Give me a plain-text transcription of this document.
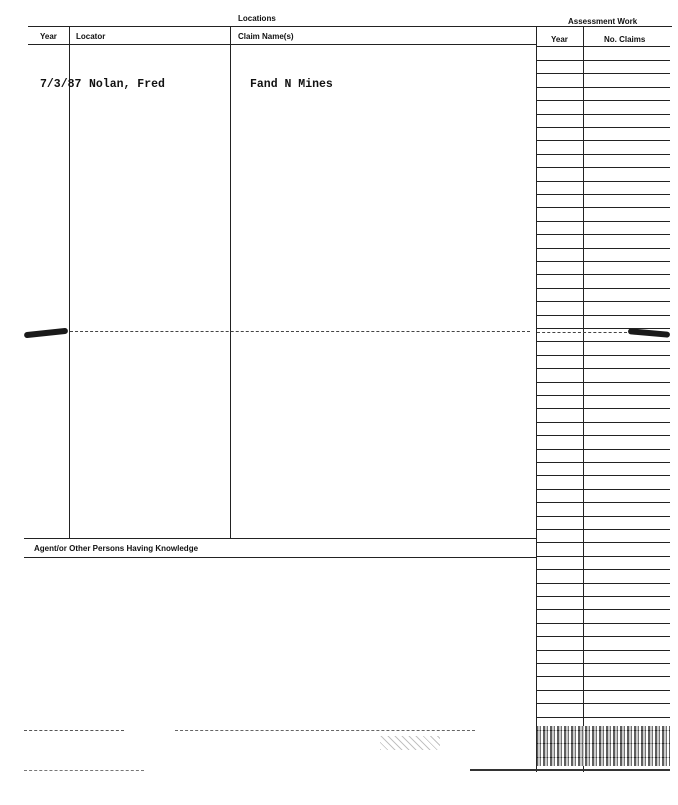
Locations	Assessment Work
Year Locator	Claim Name(s)	Year	No. Claims
7/3/87 Nolan, Fred	Fand N Mines
Agent/or Other Persons Having Knowledge
